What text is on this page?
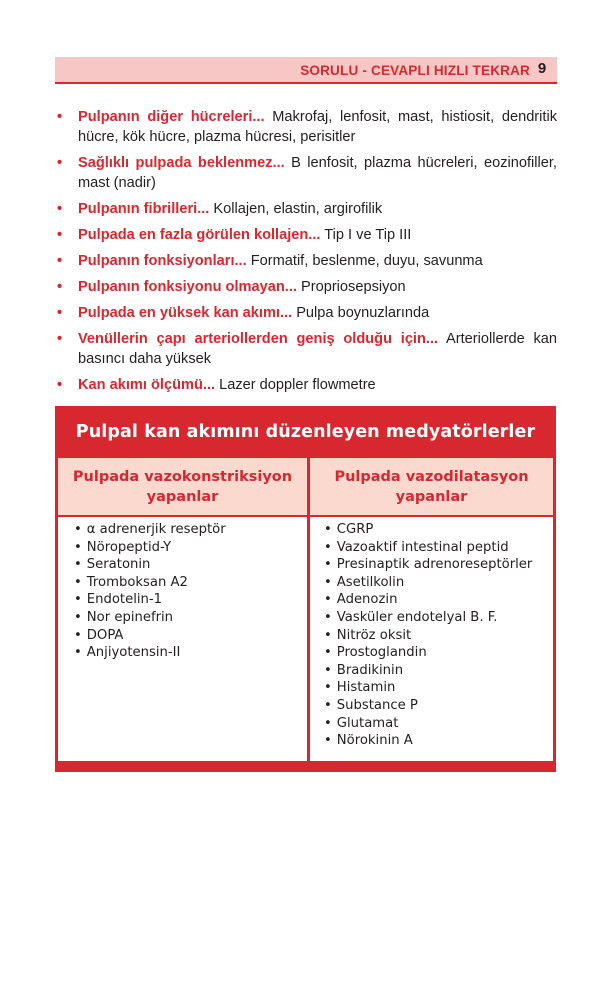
SORULU - CEVAPLI HIZLI TEKRAR 9
• Pulpanın diğer hücreleri... Makrofaj, lenfosit, mast, histiosit, dendritik hücre, kök hücre, plazma hücresi, perisitler
• Sağlıklı pulpada beklenmez... B lenfosit, plazma hücreleri, eozinofiller, mast (nadir)
• Pulpanın fibrilleri... Kollajen, elastin, argirofilik
• Pulpada en fazla görülen kollajen... Tip I ve Tip III
• Pulpanın fonksiyonları... Formatif, beslenme, duyu, savunma
• Pulpanın fonksiyonu olmayan... Propriosepsiyon
• Pulpada en yüksek kan akımı... Pulpa boynuzlarında
• Venüllerin çapı arteriollerden geniş olduğu için... Arteriollerde kan basıncı daha yüksek
• Kan akımı ölçümü... Lazer doppler flowmetre
Pulpal kan akımını düzenleyen medyatörlerler
Pulpada vazokonstriksiyon yapanlar
Pulpada vazodilatasyon yapanlar
• α adrenerjik reseptör
• Nöropeptid-Y
• Seratonin
• Tromboksan A2
• Endotelin-1
• Nor epinefrin
• DOPA
• Anjiyotensin-II
• CGRP
• Vazoaktif intestinal peptid
• Presinaptik adrenoreseptörler
• Asetilkolin
• Adenozin
• Vasküler endotelyal B. F.
• Nitröz oksit
• Prostoglandin
• Bradikinin
• Histamin
• Substance P
• Glutamat
• Nörokinin A
